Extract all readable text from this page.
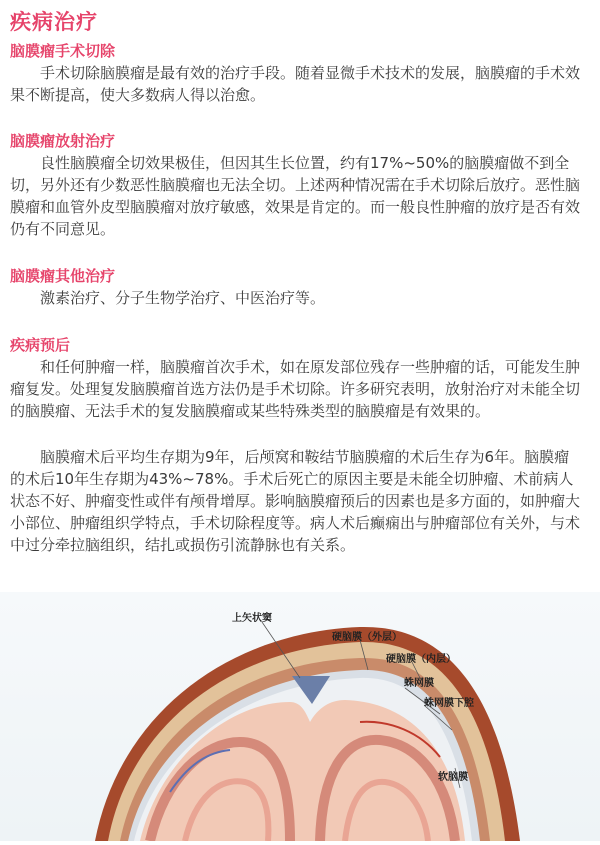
疾病治疗
脑膜瘤手术切除

手术切除脑膜瘤是最有效的治疗手段。随着显微手术技术的发展，脑膜瘤的手术效果不断提高，使大多数病人得以治愈。

脑膜瘤放射治疗

良性脑膜瘤全切效果极佳，但因其生长位置，约有17%~50%的脑膜瘤做不到全切，另外还有少数恶性脑膜瘤也无法全切。上述两种情况需在手术切除后放疗。恶性脑膜瘤和血管外皮型脑膜瘤对放疗敏感，效果是肯定的。而一般良性肿瘤的放疗是否有效仍有不同意见。

脑膜瘤其他治疗

激素治疗、分子生物学治疗、中医治疗等。

疾病预后

和任何肿瘤一样，脑膜瘤首次手术，如在原发部位残存一些肿瘤的话，可能发生肿瘤复发。处理复发脑膜瘤首选方法仍是手术切除。许多研究表明，放射治疗对未能全切的脑膜瘤、无法手术的复发脑膜瘤或某些特殊类型的脑膜瘤是有效果的。

脑膜瘤术后平均生存期为9年，后颅窝和鞍结节脑膜瘤的术后生存为6年。脑膜瘤的术后10年生存期为43%~78%。手术后死亡的原因主要是未能全切肿瘤、术前病人状态不好、肿瘤变性或伴有颅骨增厚。影响脑膜瘤预后的因素也是多方面的，如肿瘤大小部位、肿瘤组织学特点，手术切除程度等。病人术后癫痫出与肿瘤部位有关外，与术中过分牵拉脑组织，结扎或损伤引流静脉也有关系。

上矢状窦
硬脑膜（外层）
硬脑膜（内层）
蛛网膜
蛛网膜下腔
软脑膜
